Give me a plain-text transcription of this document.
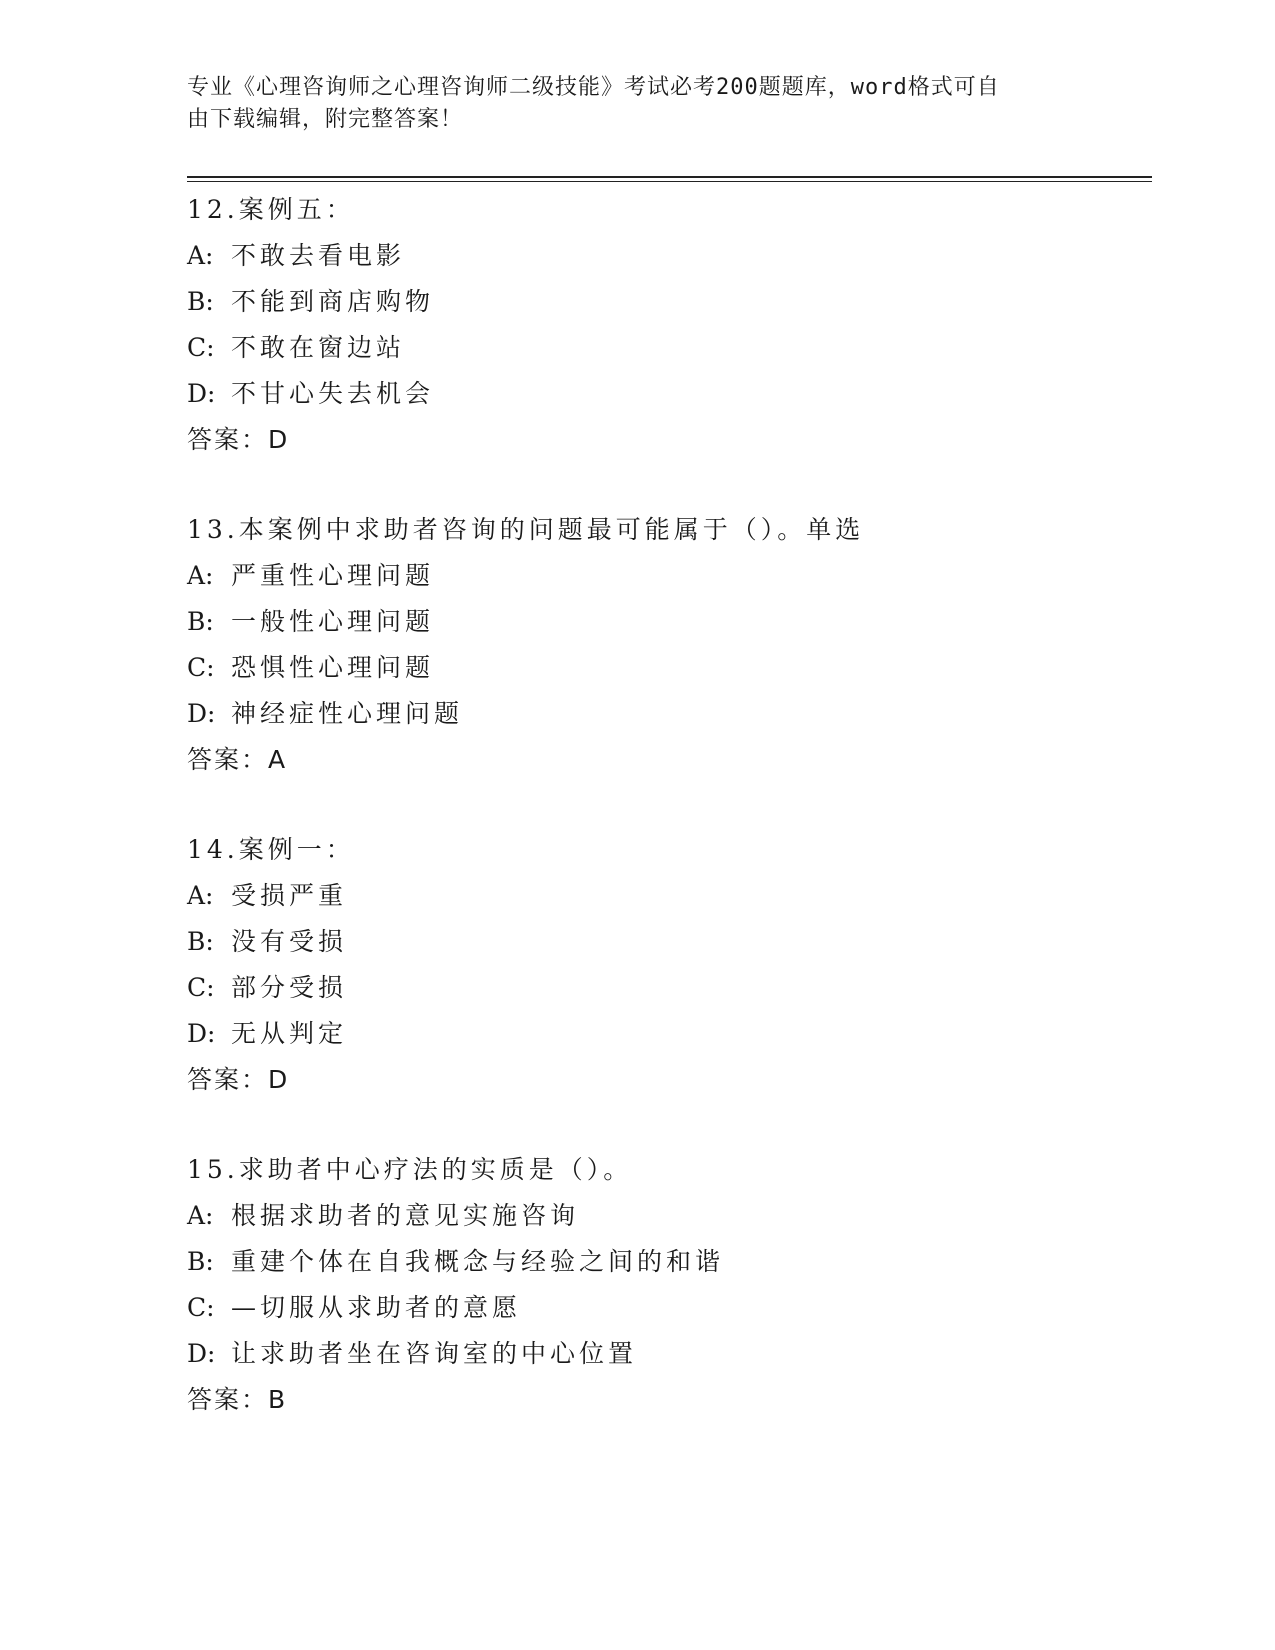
专业《心理咨询师之心理咨询师二级技能》考试必考200题题库，word格式可自
由下载编辑，附完整答案！
12.案例五：
A: 不敢去看电影
B: 不能到商店购物
C: 不敢在窗边站
D: 不甘心失去机会
答案：D
13.本案例中求助者咨询的问题最可能属于（）。单选
A: 严重性心理问题
B: 一般性心理问题
C: 恐惧性心理问题
D: 神经症性心理问题
答案：A
14.案例一：
A: 受损严重
B: 没有受损
C: 部分受损
D: 无从判定
答案：D
15.求助者中心疗法的实质是（）。
A: 根据求助者的意见实施咨询
B: 重建个体在自我概念与经验之间的和谐
C: —切服从求助者的意愿
D: 让求助者坐在咨询室的中心位置
答案：B
